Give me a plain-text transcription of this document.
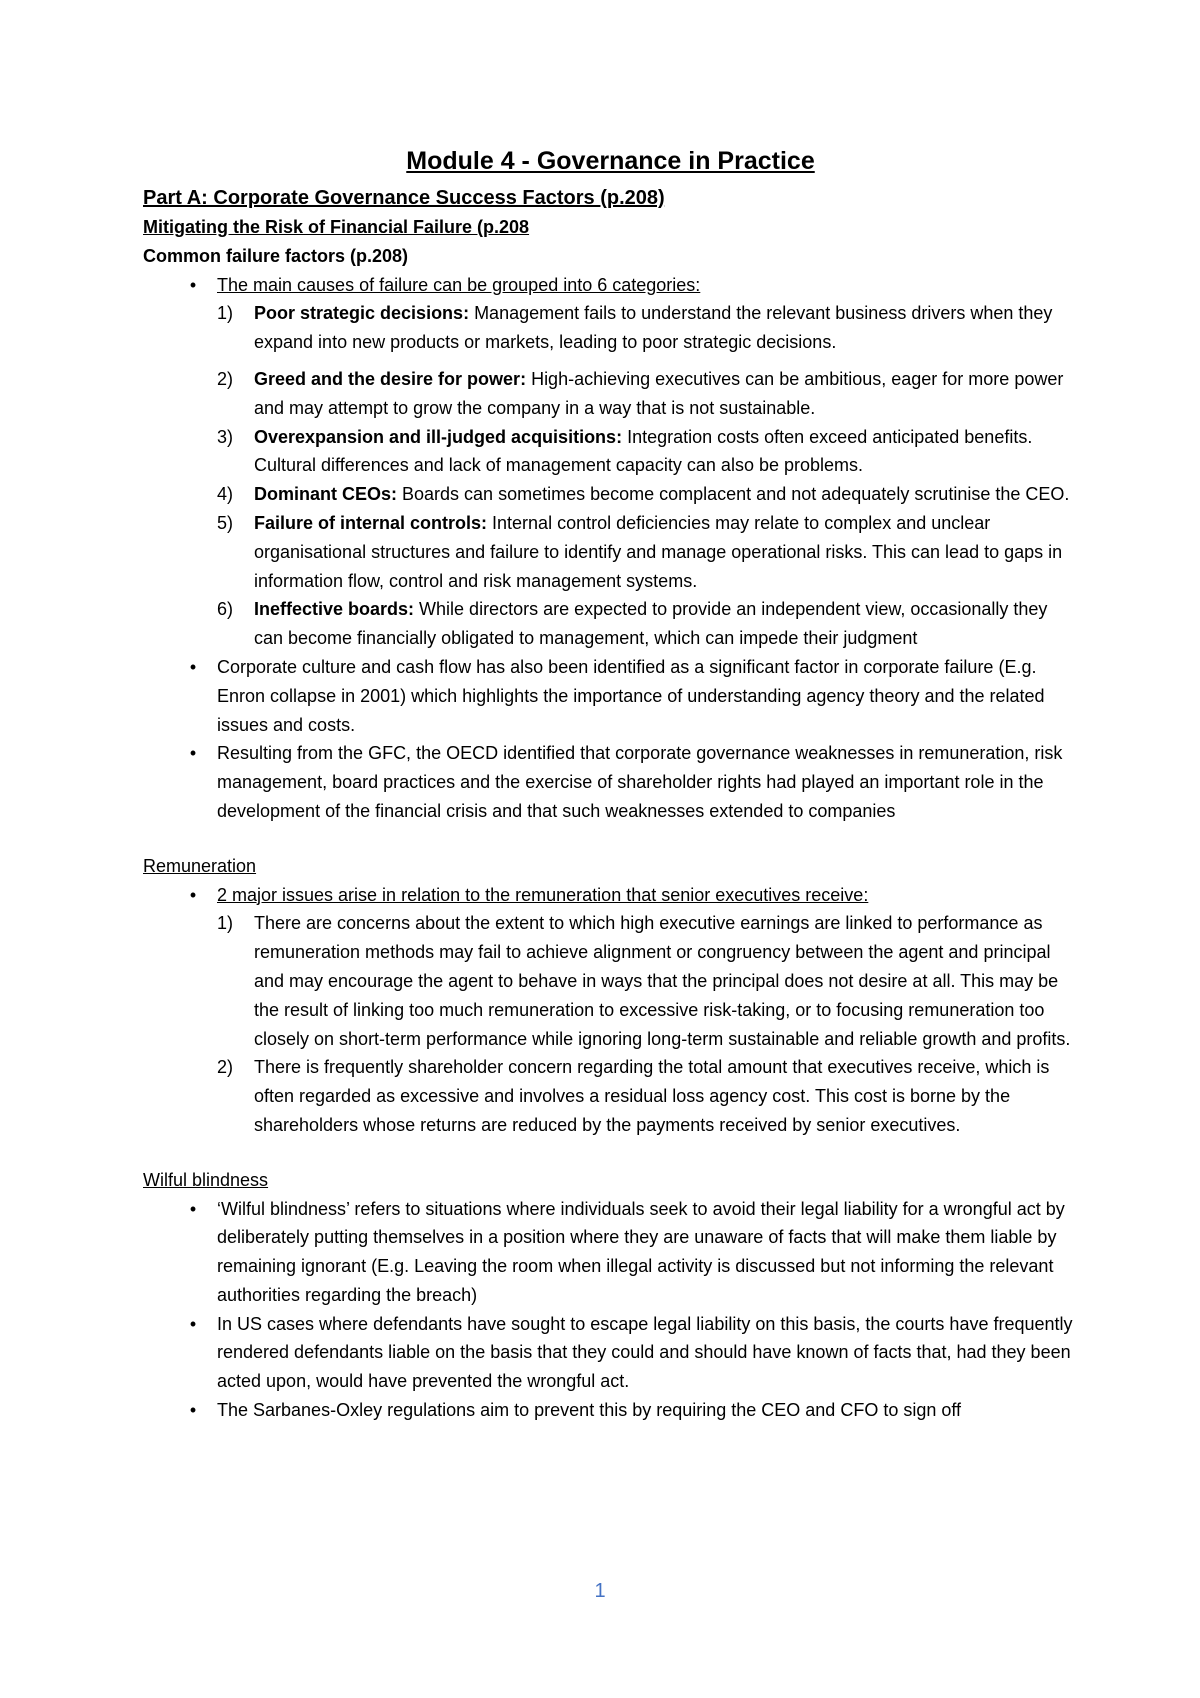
Module 4 - Governance in Practice
Part A: Corporate Governance Success Factors (p.208)
Mitigating the Risk of Financial Failure (p.208
Common failure factors (p.208)
• The main causes of failure can be grouped into 6 categories:
1) Poor strategic decisions: Management fails to understand the relevant business drivers when they expand into new products or markets, leading to poor strategic decisions.
2) Greed and the desire for power: High-achieving executives can be ambitious, eager for more power and may attempt to grow the company in a way that is not sustainable.
3) Overexpansion and ill-judged acquisitions: Integration costs often exceed anticipated benefits. Cultural differences and lack of management capacity can also be problems.
4) Dominant CEOs: Boards can sometimes become complacent and not adequately scrutinise the CEO.
5) Failure of internal controls: Internal control deficiencies may relate to complex and unclear organisational structures and failure to identify and manage operational risks. This can lead to gaps in information flow, control and risk management systems.
6) Ineffective boards: While directors are expected to provide an independent view, occasionally they can become financially obligated to management, which can impede their judgment
• Corporate culture and cash flow has also been identified as a significant factor in corporate failure (E.g. Enron collapse in 2001) which highlights the importance of understanding agency theory and the related issues and costs.
• Resulting from the GFC, the OECD identified that corporate governance weaknesses in remuneration, risk management, board practices and the exercise of shareholder rights had played an important role in the development of the financial crisis and that such weaknesses extended to companies
Remuneration
• 2 major issues arise in relation to the remuneration that senior executives receive:
1) There are concerns about the extent to which high executive earnings are linked to performance as remuneration methods may fail to achieve alignment or congruency between the agent and principal and may encourage the agent to behave in ways that the principal does not desire at all. This may be the result of linking too much remuneration to excessive risk-taking, or to focusing remuneration too closely on short-term performance while ignoring long-term sustainable and reliable growth and profits.
2) There is frequently shareholder concern regarding the total amount that executives receive, which is often regarded as excessive and involves a residual loss agency cost. This cost is borne by the shareholders whose returns are reduced by the payments received by senior executives.
Wilful blindness
• ‘Wilful blindness’ refers to situations where individuals seek to avoid their legal liability for a wrongful act by deliberately putting themselves in a position where they are unaware of facts that will make them liable by remaining ignorant (E.g. Leaving the room when illegal activity is discussed but not informing the relevant authorities regarding the breach)
• In US cases where defendants have sought to escape legal liability on this basis, the courts have frequently rendered defendants liable on the basis that they could and should have known of facts that, had they been acted upon, would have prevented the wrongful act.
• The Sarbanes-Oxley regulations aim to prevent this by requiring the CEO and CFO to sign off
1
